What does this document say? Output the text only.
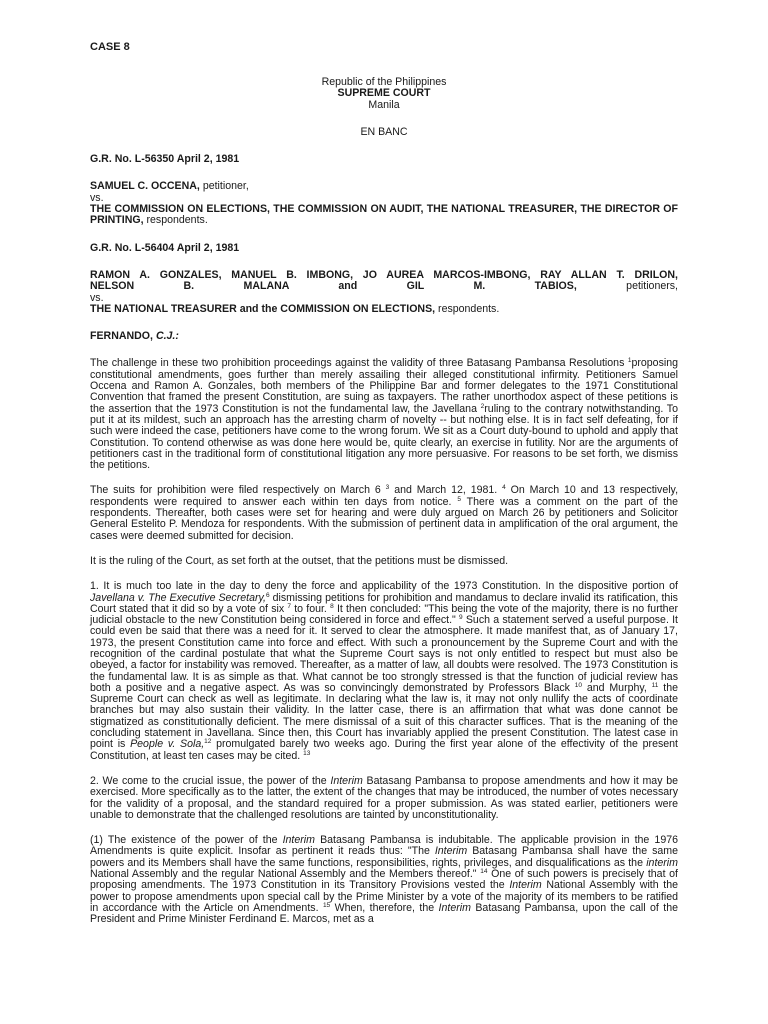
CASE 8

Republic of the Philippines

SUPREME COURT

Manila

EN BANC

G.R. No. L-56350 April 2, 1981

SAMUEL C. OCCENA, petitioner,

vs.

THE COMMISSION ON ELECTIONS, THE COMMISSION ON AUDIT, THE NATIONAL TREASURER, THE DIRECTOR OF PRINTING, respondents.

G.R. No. L-56404 April 2, 1981

RAMON A. GONZALES, MANUEL B. IMBONG, JO AUREA MARCOS-IMBONG, RAY ALLAN T. DRILON,

NELSON B. MALANA and GIL M. TABIOS, petitioners,

vs.

THE NATIONAL TREASURER and the COMMISSION ON ELECTIONS, respondents.

FERNANDO, C.J.:

The challenge in these two prohibition proceedings against the validity of three Batasang Pambansa Resolutions $^1$proposing constitutional amendments, goes further than merely assailing their alleged constitutional infirmity. Petitioners Samuel Occena and Ramon A. Gonzales, both members of the Philippine Bar and former delegates to the 1971 Constitutional Convention that framed the present Constitution, are suing as taxpayers. The rather unorthodox aspect of these petitions is the assertion that the 1973 Constitution is not the fundamental law, the Javellana $^2$ruling to the contrary notwithstanding. To put it at its mildest, such an approach has the arresting charm of novelty -- but nothing else. It is in fact self defeating, for if such were indeed the case, petitioners have come to the wrong forum. We sit as a Court duty-bound to uphold and apply that Constitution. To contend otherwise as was done here would be, quite clearly, an exercise in futility. Nor are the arguments of petitioners cast in the traditional form of constitutional litigation any more persuasive. For reasons to be set forth, we dismiss the petitions.

The suits for prohibition were filed respectively on March 6 $^3$ and March 12, 1981. $^4$ On March 10 and 13 respectively, respondents were required to answer each within ten days from notice. $^5$ There was a comment on the part of the respondents. Thereafter, both cases were set for hearing and were duly argued on March 26 by petitioners and Solicitor General Estelito P. Mendoza for respondents. With the submission of pertinent data in amplification of the oral argument, the cases were deemed submitted for decision.

It is the ruling of the Court, as set forth at the outset, that the petitions must be dismissed.

1. It is much too late in the day to deny the force and applicability of the 1973 Constitution. In the dispositive portion of Javellana v. The Executive Secretary,$^6$ dismissing petitions for prohibition and mandamus to declare invalid its ratification, this Court stated that it did so by a vote of six $^7$ to four. $^8$ It then concluded: "This being the vote of the majority, there is no further judicial obstacle to the new Constitution being considered in force and effect." $^9$ Such a statement served a useful purpose. It could even be said that there was a need for it. It served to clear the atmosphere. It made manifest that, as of January 17, 1973, the present Constitution came into force and effect. With such a pronouncement by the Supreme Court and with the recognition of the cardinal postulate that what the Supreme Court says is not only entitled to respect but must also be obeyed, a factor for instability was removed. Thereafter, as a matter of law, all doubts were resolved. The 1973 Constitution is the fundamental law. It is as simple as that. What cannot be too strongly stressed is that the function of judicial review has both a positive and a negative aspect. As was so convincingly demonstrated by Professors Black $^{10}$ and Murphy, $^{11}$ the Supreme Court can check as well as legitimate. In declaring what the law is, it may not only nullify the acts of coordinate branches but may also sustain their validity. In the latter case, there is an affirmation that what was done cannot be stigmatized as constitutionally deficient. The mere dismissal of a suit of this character suffices. That is the meaning of the concluding statement in Javellana. Since then, this Court has invariably applied the present Constitution. The latest case in point is People v. Sola,$^{12}$ promulgated barely two weeks ago. During the first year alone of the effectivity of the present Constitution, at least ten cases may be cited. $^{13}$

2. We come to the crucial issue, the power of the Interim Batasang Pambansa to propose amendments and how it may be exercised. More specifically as to the latter, the extent of the changes that may be introduced, the number of votes necessary for the validity of a proposal, and the standard required for a proper submission. As was stated earlier, petitioners were unable to demonstrate that the challenged resolutions are tainted by unconstitutionality.

(1) The existence of the power of the Interim Batasang Pambansa is indubitable. The applicable provision in the 1976 Amendments is quite explicit. Insofar as pertinent it reads thus: "The Interim Batasang Pambansa shall have the same powers and its Members shall have the same functions, responsibilities, rights, privileges, and disqualifications as the interim National Assembly and the regular National Assembly and the Members thereof." $^{14}$ One of such powers is precisely that of proposing amendments. The 1973 Constitution in its Transitory Provisions vested the Interim National Assembly with the power to propose amendments upon special call by the Prime Minister by a vote of the majority of its members to be ratified in accordance with the Article on Amendments. $^{15}$ When, therefore, the Interim Batasang Pambansa, upon the call of the President and Prime Minister Ferdinand E. Marcos, met as a
